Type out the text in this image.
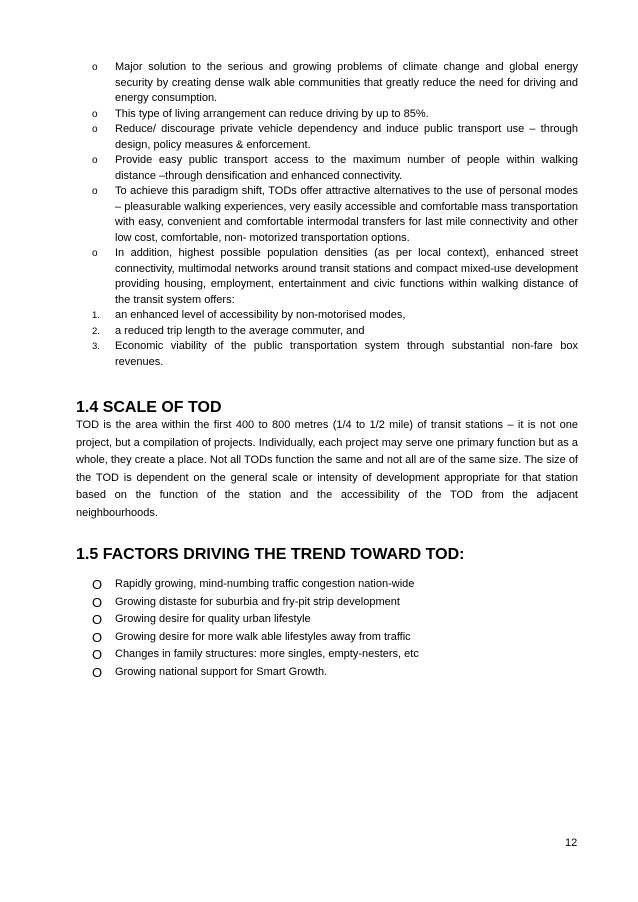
o Major solution to the serious and growing problems of climate change and global energy security by creating dense walk able communities that greatly reduce the need for driving and energy consumption.
o This type of living arrangement can reduce driving by up to 85%.
o Reduce/ discourage private vehicle dependency and induce public transport use – through design, policy measures & enforcement.
o Provide easy public transport access to the maximum number of people within walking distance –through densification and enhanced connectivity.
o To achieve this paradigm shift, TODs offer attractive alternatives to the use of personal modes – pleasurable walking experiences, very easily accessible and comfortable mass transportation with easy, convenient and comfortable intermodal transfers for last mile connectivity and other low cost, comfortable, non- motorized transportation options.
o In addition, highest possible population densities (as per local context), enhanced street connectivity, multimodal networks around transit stations and compact mixed-use development providing housing, employment, entertainment and civic functions within walking distance of the transit system offers:
1. an enhanced level of accessibility by non-motorised modes,
2. a reduced trip length to the average commuter, and
3. Economic viability of the public transportation system through substantial non-fare box revenues.
1.4 SCALE OF TOD
TOD is the area within the first 400 to 800 metres (1/4 to 1/2 mile) of transit stations – it is not one project, but a compilation of projects. Individually, each project may serve one primary function but as a whole, they create a place. Not all TODs function the same and not all are of the same size. The size of the TOD is dependent on the general scale or intensity of development appropriate for that station based on the function of the station and the accessibility of the TOD from the adjacent neighbourhoods.
1.5 FACTORS DRIVING THE TREND TOWARD TOD:
O Rapidly growing, mind-numbing traffic congestion nation-wide
O Growing distaste for suburbia and fry-pit strip development
O Growing desire for quality urban lifestyle
O Growing desire for more walk able lifestyles away from traffic
O Changes in family structures: more singles, empty-nesters, etc
O Growing national support for Smart Growth.
12
